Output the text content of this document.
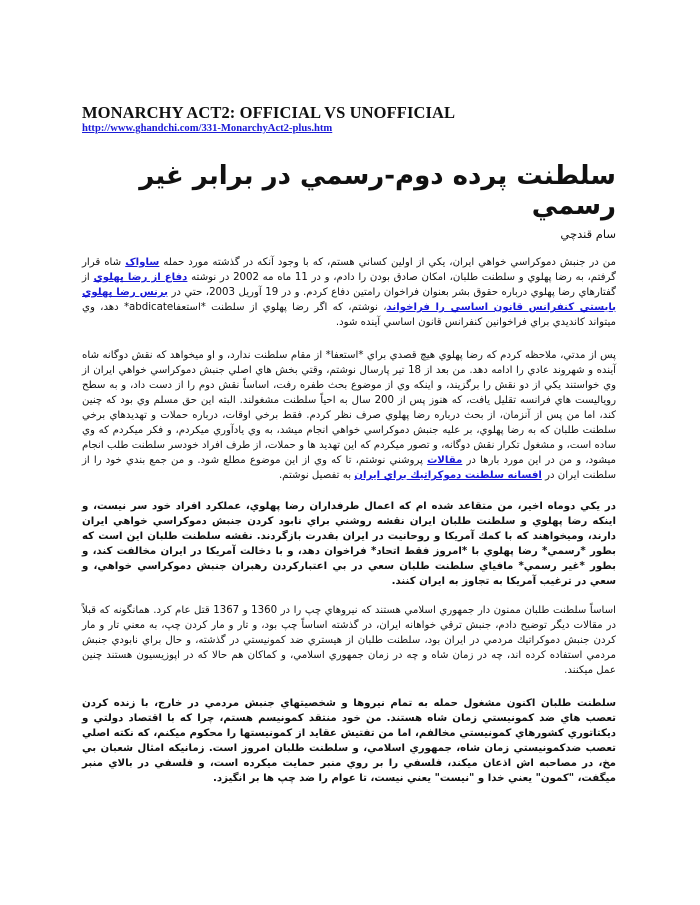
MONARCHY ACT2: OFFICIAL VS UNOFFICIAL
http://www.ghandchi.com/331-MonarchyAct2-plus.htm
سلطنت پرده دوم-رسمي در برابر غير رسمي
سام قندچي

من در جنبش دموكراسي خواهي ايران، يكي از اولين كساني هستم، كه با وجود آنكه در گذشته مورد حمله ساواک شاه قرار گرفتم، به رضا پهلوي و سلطنت طلبان، امكان صادق بودن را دادم، و در 11 ماه مه 2002 در نوشته دفاع از رضا پهلوي از گفتارهاي رضا پهلوي درباره حقوق بشر بعنوان فراخوان رامتين دفاع كردم. و در 19 آوريل 2003، حتي در برنس رضا پهلوي بايستي كنفرانس قانون اساسي را فراخواند، نوشتم، كه اگر رضا پهلوي از سلطنت *استعفاabdicate* دهد، وي ميتواند كانديدي براي فراخوانين كنفرانس قانون اساسي آينده شود.

پس از مدتي، ملاحظه كردم كه رضا پهلوي هيچ قصدي براي *استعفا* از مقام سلطنت ندارد، و او ميخواهد كه نقش دوگانه شاه آينده و شهروند عادي را ادامه دهد. من بعد از 18 تير پارسال نوشتم، وقتي بخش هاي اصلي جنبش دموكراسي خواهي ايران از وي خواستند يكي از دو نقش را برگزيند، و اينكه وي از موضوع بحث طفره رفت، اساساً نقش دوم را از دست داد، و به سطح روياليست هاي فرانسه تقليل يافت، كه هنوز پس از 200 سال به احياً سلطنت مشغولند. البته اين حق مسلم وي بود كه چنين كند، اما من پس از آنزمان، از بحث درباره رضا پهلوي صرف نظر كردم. فقط برخي اوقات، درباره حملات و تهديدهاي برخي سلطنت طلبان كه به رضا پهلوي، بر عليه جنبش دموكراسي خواهي انجام ميشد، به وي يادآوري ميكردم، و فكر ميكردم كه وي ساده است، و مشغول تكرار نقش دوگانه، و تصور ميكردم كه اين تهديد ها و حملات، از طرف افراد خودسر سلطنت طلب انجام ميشود، و من در اين مورد بارها در مقالات پروشني نوشتم، تا كه وي از اين موضوع مطلع شود. و من جمع بندي خود را از سلطنت ايران در افسانه سلطنت دموكراتيك براي ايران به تفصيل نوشتم.

در يكي دوماه اخير، من متقاعد شده ام كه اعمال طرفداران رضا پهلوي، عملكرد افراد خود سر نيست، و اينكه رضا پهلوي و سلطنت طلبان ايران نقشه روشني براي نابود كردن جنبش دموكراسي خواهي ايران دارند، وميخواهند كه با كمك آمريكا و روحانيت در ايران بقدرت بازگردند. نقشه سلطنت طلبان اين است كه بطور *رسمي* رضا پهلوي با *امروز فقط اتحاد* فراخوان دهد، و با دخالت آمريكا در ايران مخالفت كند، و بطور *غير رسمي* مافياي سلطنت طلبان سعي در بي اعتباركردن رهبران جنبش دموكراسي خواهي، و سعي در ترغيب آمريكا به تجاوز به ايران كنند.

اساساً سلطنت طلبان ممنون دار جمهوري اسلامي هستند كه نيروهاي چپ را در 1360 و 1367 قتل عام كرد. همانگونه كه قبلاً در مقالات ديگر توضيح دادم، جنبش ترقي خواهانه ايران، در گذشته اساساً چپ بود، و تار و مار كردن چپ، به معني تار و مار كردن جنبش دموكراتيك مردمي در ايران بود، سلطنت طلبان از هيستري ضد كمونيستي در گذشته، و حال براي نابودي جنبش مردمي استفاده كرده اند، چه در زمان شاه و چه در زمان جمهوري اسلامي، و كماكان هم حالا كه در اپوزيسيون هستند چنين عمل ميكنند.

سلطنت طلبان اكنون مشغول حمله به تمام نيروها و شخصيتهاي جنبش مردمي در خارج، با زنده كردن تعصب هاي ضد كمونيستي زمان شاه هستند. من خود منتقد كمونيسم هستم، چرا كه با اقتصاد دولتي و ديكتاتوري كشورهاي كمونيستي مخالفم، اما من تفتيش عقايد از كمونيستها را محكوم ميكنم، كه نكته اصلي تعصب ضدكمونيستي زمان شاه، جمهوري اسلامي، و سلطنت طلبان امروز است. زمانيكه امثال شعبان بي مخ، در مصاحبه اش اذعان ميكند، فلسفي را بر روي منبر حمايت ميكرده است، و فلسفي در بالاي منبر ميگفت، "كمون" يعني خدا و "نيست" يعني نيست، تا عوام را ضد چپ ها بر انگيزد.
